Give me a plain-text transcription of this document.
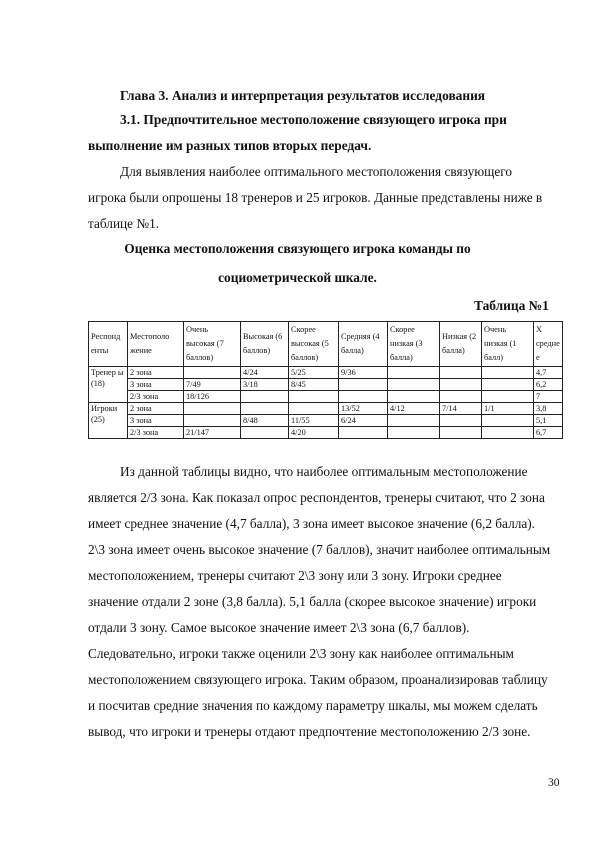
Глава 3. Анализ и интерпретация результатов исследования
3.1. Предпочтительное местоположение связующего игрока при
выполнение им разных типов вторых передач.
Для выявления наиболее оптимального местоположения связующего
игрока были опрошены 18 тренеров и 25 игроков. Данные представлены ниже в
таблице №1.
Оценка местоположения связующего игрока команды по
социометрической шкале.
Таблица №1
Респонд енты	Местополо жение	Очень высокая (7 баллов)	Высокая (6 баллов)	Скорее высокая (5 баллов)	Средняя (4 балла)	Скорее низкая (3 балла)	Низкая (2 балла)	Очень низкая (1 балл)	X средне е
Тренер ы (18)	2 зона		4/24	5/25	9/36				4,7
	3 зона	7/49	3/18	8/45					6,2
	2/3 зона	18/126							7
Игроки (25)	2 зона				13/52	4/12	7/14	1/1	3,8
	3 зона		8/48	11/55	6/24				5,1
	2/3 зона	21/147		4/20					6,7
Из данной таблицы видно, что наиболее оптимальным местоположение
является 2/3 зона. Как показал опрос респондентов, тренеры считают, что 2 зона
имеет среднее значение (4,7 балла), 3 зона имеет высокое значение (6,2 балла).
2\3 зона имеет очень высокое значение (7 баллов), значит наиболее оптимальным
местоположением, тренеры считают 2\3 зону или 3 зону. Игроки среднее
значение отдали 2 зоне (3,8 балла). 5,1 балла (скорее высокое значение) игроки
отдали 3 зону. Самое высокое значение имеет 2\3 зона (6,7 баллов).
Следовательно, игроки также оценили 2\3 зону как наиболее оптимальным
местоположением связующего игрока. Таким образом, проанализировав таблицу
и посчитав средние значения по каждому параметру шкалы, мы можем сделать
вывод, что игроки и тренеры отдают предпочтение местоположению 2/3 зоне.
30
